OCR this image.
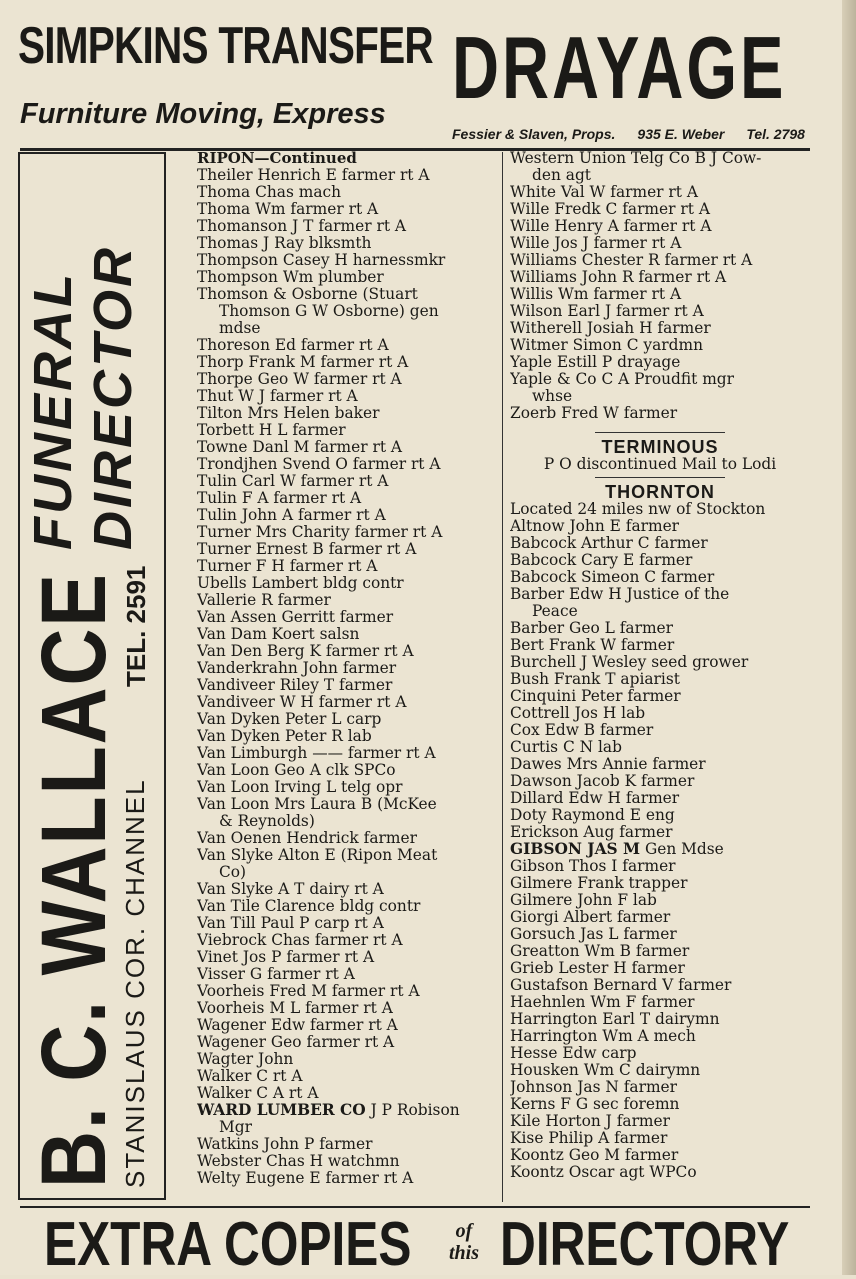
SIMPKINS TRANSFER
Furniture Moving, Express DRAYAGE
Fessier & Slaven, Props. 935 E. Weber Tel. 2798
B. C. WALLACE
STANISLAUS COR. CHANNEL
TEL. 2591
FUNERAL DIRECTOR

RIPON—Continued

Theiler Henrich E farmer rt A

Thoma Chas mach

Thoma Wm farmer rt A

Thomanson J T farmer rt A

Thomas J Ray blksmth

Thompson Casey H harnessmkr

Thompson Wm plumber

Thomson & Osborne (Stuart

Thomson G W Osborne) gen

mdse

Thoreson Ed farmer rt A

Thorp Frank M farmer rt A

Thorpe Geo W farmer rt A

Thut W J farmer rt A

Tilton Mrs Helen baker

Torbett H L farmer

Towne Danl M farmer rt A

Trondjhen Svend O farmer rt A

Tulin Carl W farmer rt A

Tulin F A farmer rt A

Tulin John A farmer rt A

Turner Mrs Charity farmer rt A

Turner Ernest B farmer rt A

Turner F H farmer rt A

Ubells Lambert bldg contr

Vallerie R farmer

Van Assen Gerritt farmer

Van Dam Koert salsn

Van Den Berg K farmer rt A

Vanderkrahn John farmer

Vandiveer Riley T farmer

Vandiveer W H farmer rt A

Van Dyken Peter L carp

Van Dyken Peter R lab

Van Limburgh —— farmer rt A

Van Loon Geo A clk SPCo

Van Loon Irving L telg opr

Van Loon Mrs Laura B (McKee

& Reynolds)

Van Oenen Hendrick farmer

Van Slyke Alton E (Ripon Meat

Co)

Van Slyke A T dairy rt A

Van Tile Clarence bldg contr

Van Till Paul P carp rt A

Viebrock Chas farmer rt A

Vinet Jos P farmer rt A

Visser G farmer rt A

Voorheis Fred M farmer rt A

Voorheis M L farmer rt A

Wagener Edw farmer rt A

Wagener Geo farmer rt A

Wagter John

Walker C rt A

Walker C A rt A

WARD LUMBER CO J P Robison

Mgr

Watkins John P farmer

Webster Chas H watchmn

Welty Eugene E farmer rt A

Western Union Telg Co B J Cow-

den agt

White Val W farmer rt A

Wille Fredk C farmer rt A

Wille Henry A farmer rt A

Wille Jos J farmer rt A

Williams Chester R farmer rt A

Williams John R farmer rt A

Willis Wm farmer rt A

Wilson Earl J farmer rt A

Witherell Josiah H farmer

Witmer Simon C yardmn

Yaple Estill P drayage

Yaple & Co C A Proudfit mgr

whse

Zoerb Fred W farmer

TERMINOUS

P O discontinued Mail to Lodi

THORNTON

Located 24 miles nw of Stockton

Altnow John E farmer

Babcock Arthur C farmer

Babcock Cary E farmer

Babcock Simeon C farmer

Barber Edw H Justice of the

Peace

Barber Geo L farmer

Bert Frank W farmer

Burchell J Wesley seed grower

Bush Frank T apiarist

Cinquini Peter farmer

Cottrell Jos H lab

Cox Edw B farmer

Curtis C N lab

Dawes Mrs Annie farmer

Dawson Jacob K farmer

Dillard Edw H farmer

Doty Raymond E eng

Erickson Aug farmer

GIBSON JAS M Gen Mdse

Gibson Thos I farmer

Gilmere Frank trapper

Gilmere John F lab

Giorgi Albert farmer

Gorsuch Jas L farmer

Greatton Wm B farmer

Grieb Lester H farmer

Gustafson Bernard V farmer

Haehnlen Wm F farmer

Harrington Earl T dairymn

Harrington Wm A mech

Hesse Edw carp

Housken Wm C dairymn

Johnson Jas N farmer

Kerns F G sec foremn

Kile Horton J farmer

Kise Philip A farmer

Koontz Geo M farmer

Koontz Oscar agt WPCo

EXTRA COPIES	of
this DIRECTORY
